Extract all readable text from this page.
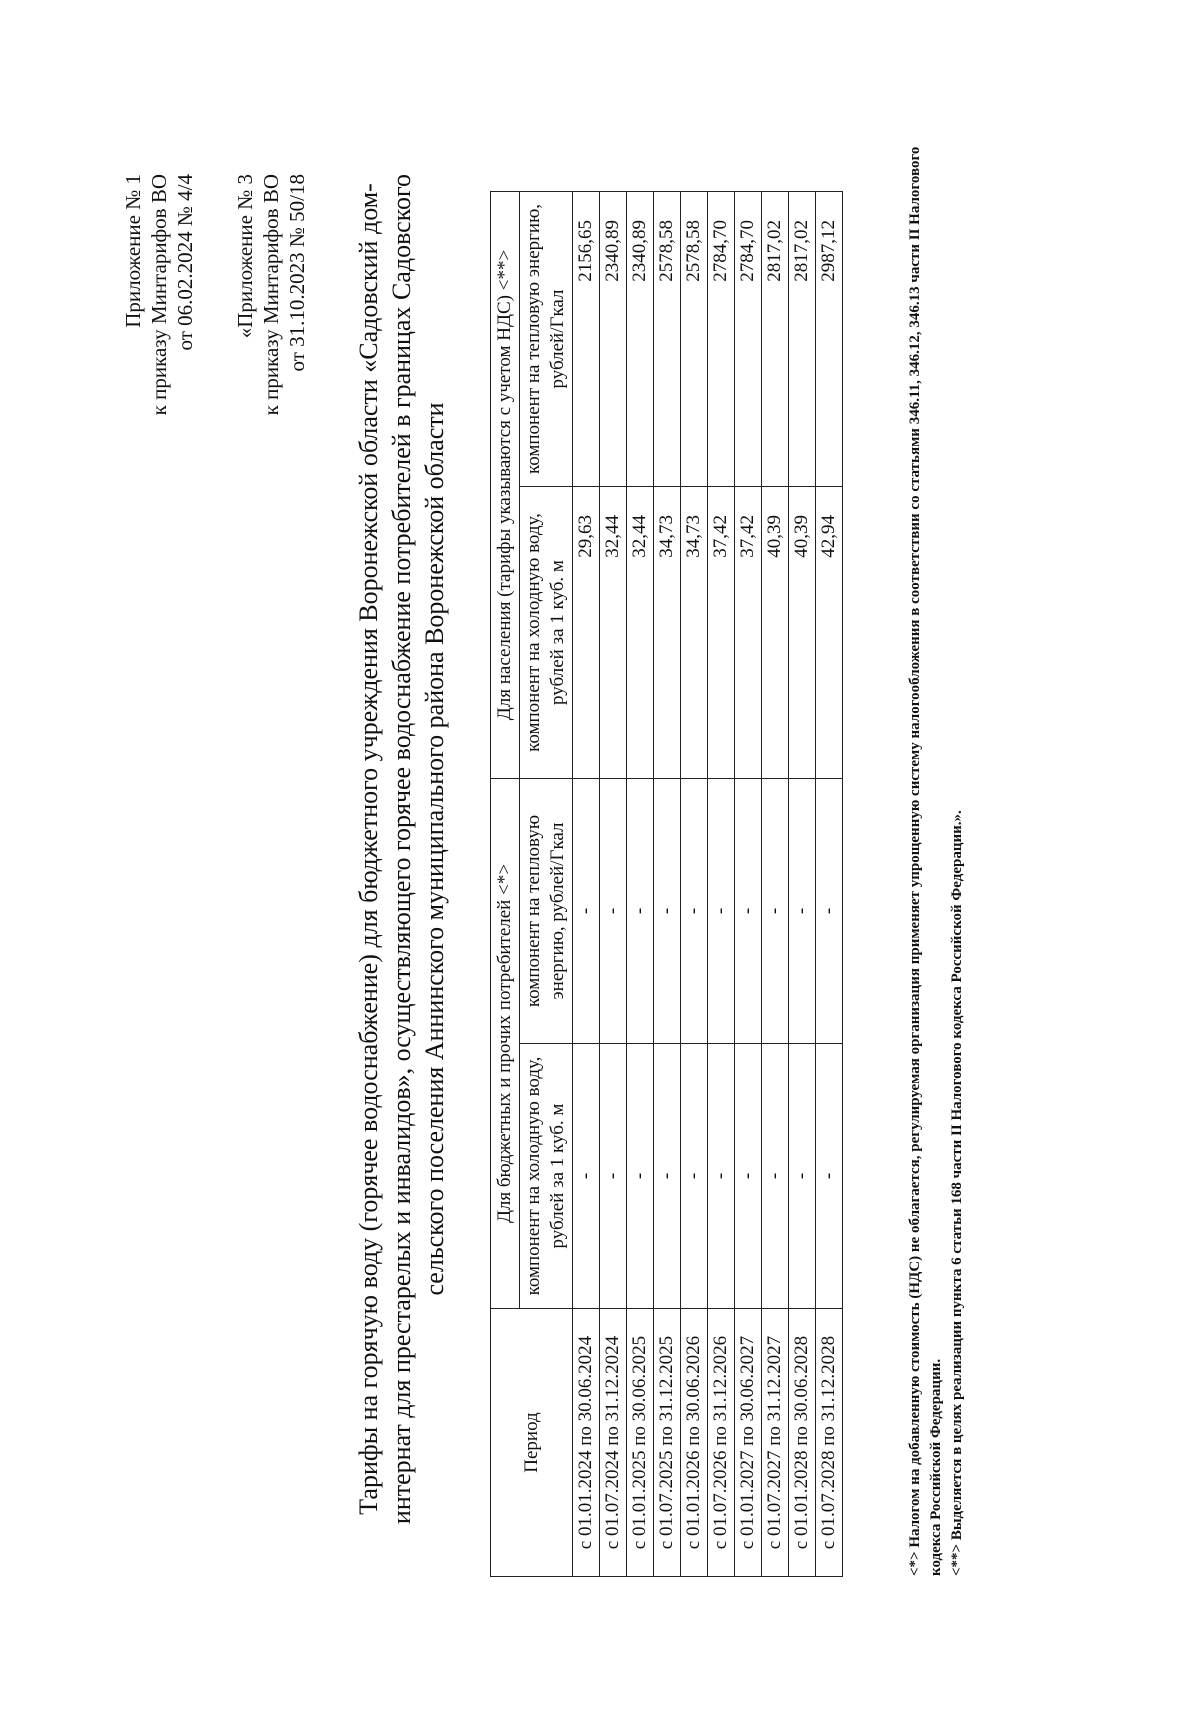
Приложение № 1 к приказу Минтарифов ВО от 06.02.2024 № 4/4 «Приложение № 3 к приказу Минтарифов ВО от 31.10.2023 № 50/18 Тарифы на горячую воду (горячее водоснабжение) для бюджетного учреждения Воронежской области «Садовский дом- интернат для престарелых и инвалидов», осуществляющего горячее водоснабжение потребителей в границах Садовского сельского поселения Аннинского муниципального района Воронежской области
Период	Для бюджетных и прочих потребителей <*>		Для населения (тарифы указываются с учетом НДС) <**>	
	компонент на холодную воду, рублей за 1 куб. м	компонент на тепловую энергию, рублей/Гкал	компонент на холодную воду, рублей за 1 куб. м	компонент на тепловую энергию, рублей/Гкал
с 01.01.2024 по 30.06.2024	-	-	29,63	2156,65
с 01.07.2024 по 31.12.2024	-	-	32,44	2340,89
с 01.01.2025 по 30.06.2025	-	-	32,44	2340,89
с 01.07.2025 по 31.12.2025	-	-	34,73	2578,58
с 01.01.2026 по 30.06.2026	-	-	34,73	2578,58
с 01.07.2026 по 31.12.2026	-	-	37,42	2784,70
с 01.01.2027 по 30.06.2027	-	-	37,42	2784,70
с 01.07.2027 по 31.12.2027	-	-	40,39	2817,02
с 01.01.2028 по 30.06.2028	-	-	40,39	2817,02
с 01.07.2028 по 31.12.2028	-	-	42,94	2987,12	<*> Налогом на добавленную стоимость (НДС) не облагается, регулируемая организация применяет упрощенную систему налогообложения в соответствии со статьями 346.11, 346.12, 346.13 части II Налогового кодекса Российской Федерации. <**> Выделяется в целях реализации пункта 6 статьи 168 части II Налогового кодекса Российской Федерации.».
